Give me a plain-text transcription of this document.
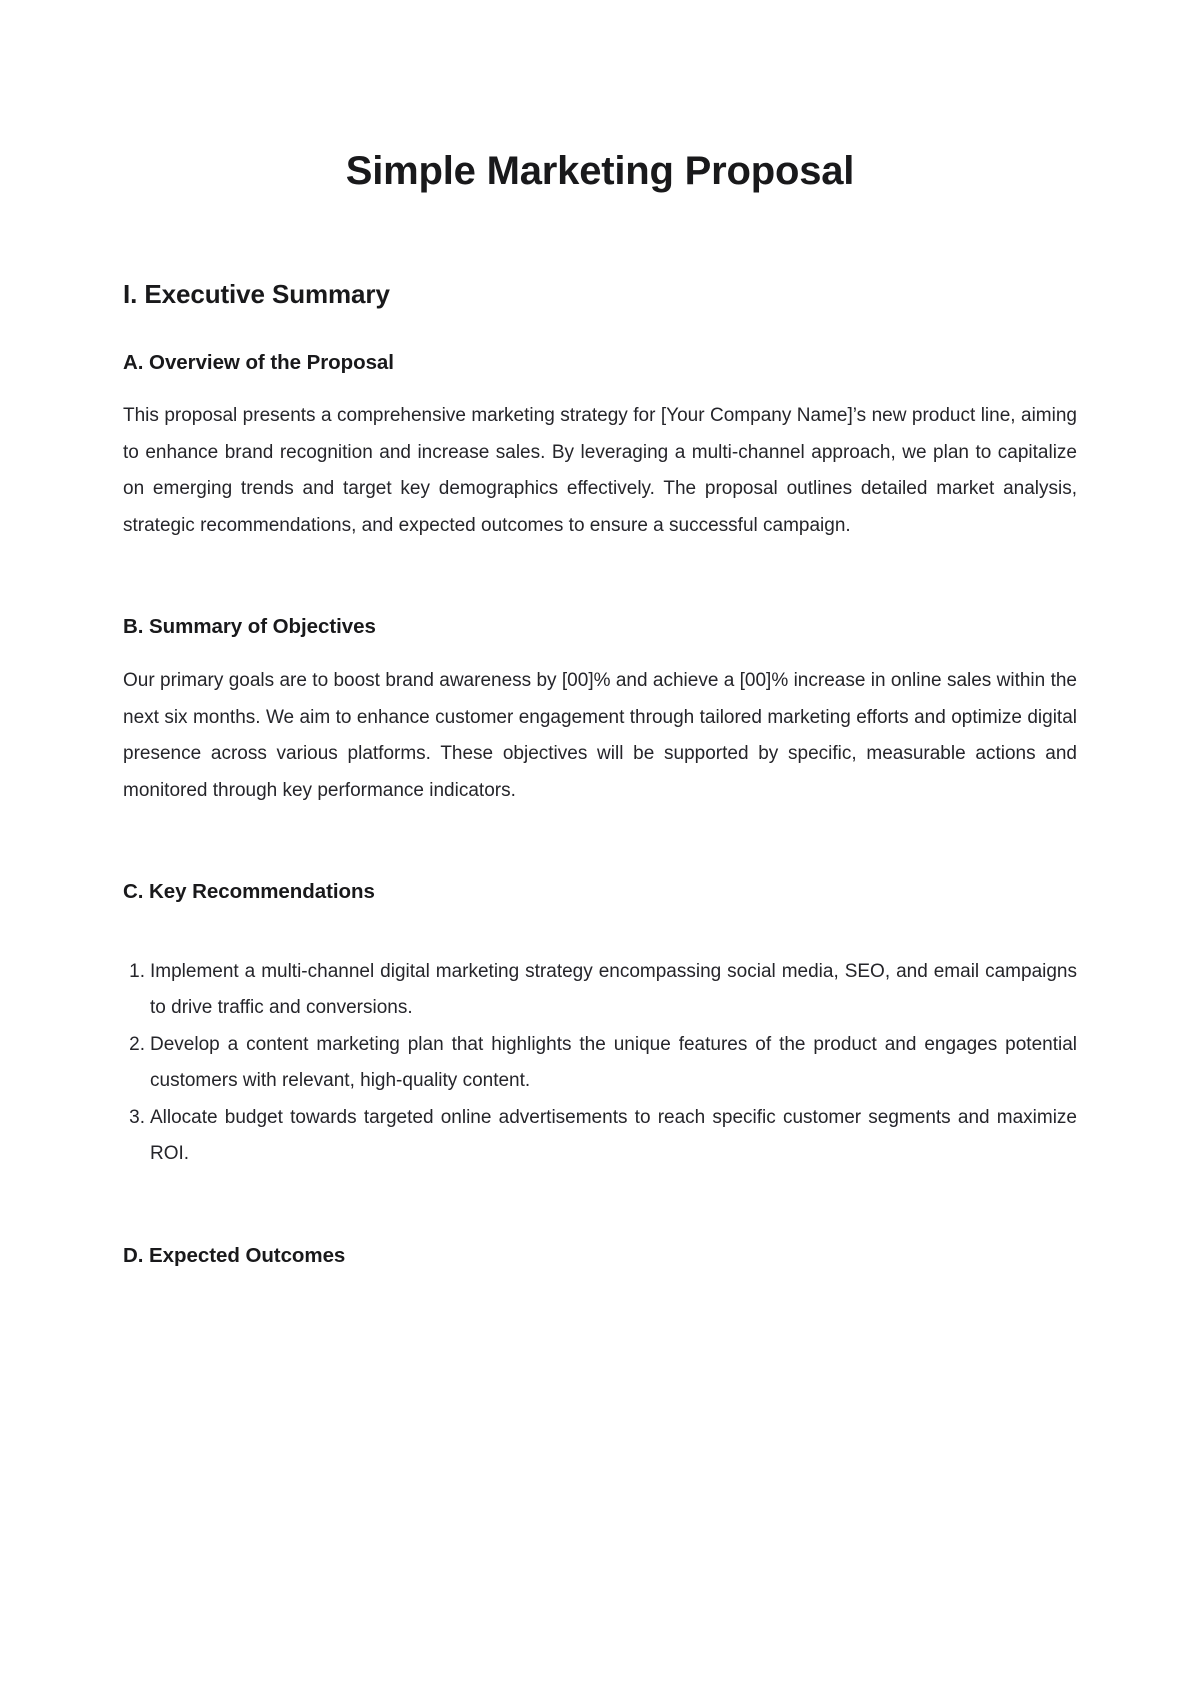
Simple Marketing Proposal
I. Executive Summary
A. Overview of the Proposal

This proposal presents a comprehensive marketing strategy for [Your Company Name]’s new product line, aiming to enhance brand recognition and increase sales. By leveraging a multi-channel approach, we plan to capitalize on emerging trends and target key demographics effectively. The proposal outlines detailed market analysis, strategic recommendations, and expected outcomes to ensure a successful campaign.

B. Summary of Objectives

Our primary goals are to boost brand awareness by [00]% and achieve a [00]% increase in online sales within the next six months. We aim to enhance customer engagement through tailored marketing efforts and optimize digital presence across various platforms. These objectives will be supported by specific, measurable actions and monitored through key performance indicators.

C. Key Recommendations
Implement a multi-channel digital marketing strategy encompassing social media, SEO, and email campaigns to drive traffic and conversions.
Develop a content marketing plan that highlights the unique features of the product and engages potential customers with relevant, high-quality content.
Allocate budget towards targeted online advertisements to reach specific customer segments and maximize ROI.
D. Expected Outcomes
